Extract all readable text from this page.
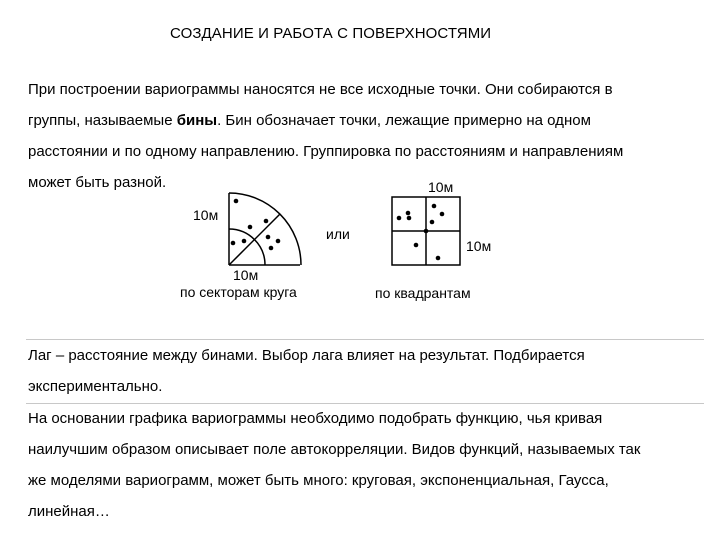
СОЗДАНИЕ И РАБОТА С ПОВЕРХНОСТЯМИ
При построении вариограммы наносятся не все исходные точки. Они собираются в
группы, называемые бины. Бин обозначает точки, лежащие примерно на одном
расстоянии и по одному направлению. Группировка по расстояниям и направлениям
может быть разной.
10м
10м
по секторам круга
или
10м
10м
по квадрантам
Лаг – расстояние между бинами. Выбор лага влияет на результат. Подбирается
экспериментально.
На основании графика вариограммы необходимо подобрать функцию, чья кривая
наилучшим образом описывает поле автокорреляции. Видов функций, называемых так
же моделями вариограмм, может быть много: круговая, экспоненциальная, Гаусса,
линейная…
